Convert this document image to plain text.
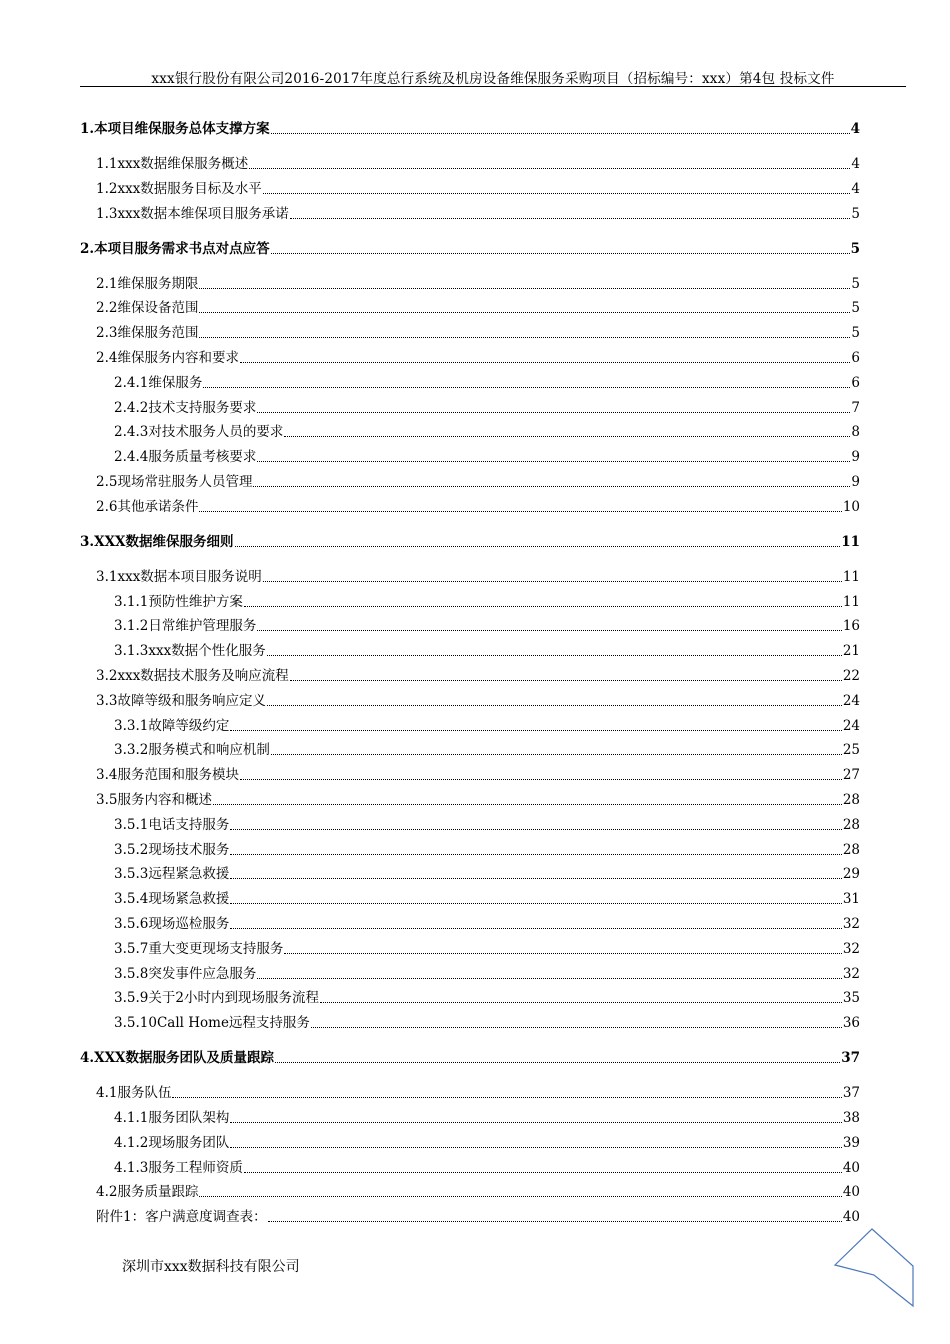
xxx银行股份有限公司2016-2017年度总行系统及机房设备维保服务采购项目（招标编号：xxx）第4包 投标文件
1.本项目维保服务总体支撑方案	4
1.1xxx数据维保服务概述	4
1.2xxx数据服务目标及水平	4
1.3xxx数据本维保项目服务承诺	5
2.本项目服务需求书点对点应答	5
2.1维保服务期限	5
2.2维保设备范围	5
2.3维保服务范围	5
2.4维保服务内容和要求	6
2.4.1维保服务	6
2.4.2技术支持服务要求	7
2.4.3对技术服务人员的要求	8
2.4.4服务质量考核要求	9
2.5现场常驻服务人员管理	9
2.6其他承诺条件	10
3.XXX数据维保服务细则	11
3.1xxx数据本项目服务说明	11
3.1.1预防性维护方案	11
3.1.2日常维护管理服务	16
3.1.3xxx数据个性化服务	21
3.2xxx数据技术服务及响应流程	22
3.3故障等级和服务响应定义	24
3.3.1故障等级约定	24
3.3.2服务模式和响应机制	25
3.4服务范围和服务模块	27
3.5服务内容和概述	28
3.5.1电话支持服务	28
3.5.2现场技术服务	28
3.5.3远程紧急救援	29
3.5.4现场紧急救援	31
3.5.6现场巡检服务	32
3.5.7重大变更现场支持服务	32
3.5.8突发事件应急服务	32
3.5.9关于2小时内到现场服务流程	35
3.5.10Call Home远程支持服务	36
4.XXX数据服务团队及质量跟踪	37
4.1服务队伍	37
4.1.1服务团队架构	38
4.1.2现场服务团队	39
4.1.3服务工程师资质	40
4.2服务质量跟踪	40
附件1：客户满意度调查表：	40
深圳市xxx数据科技有限公司
